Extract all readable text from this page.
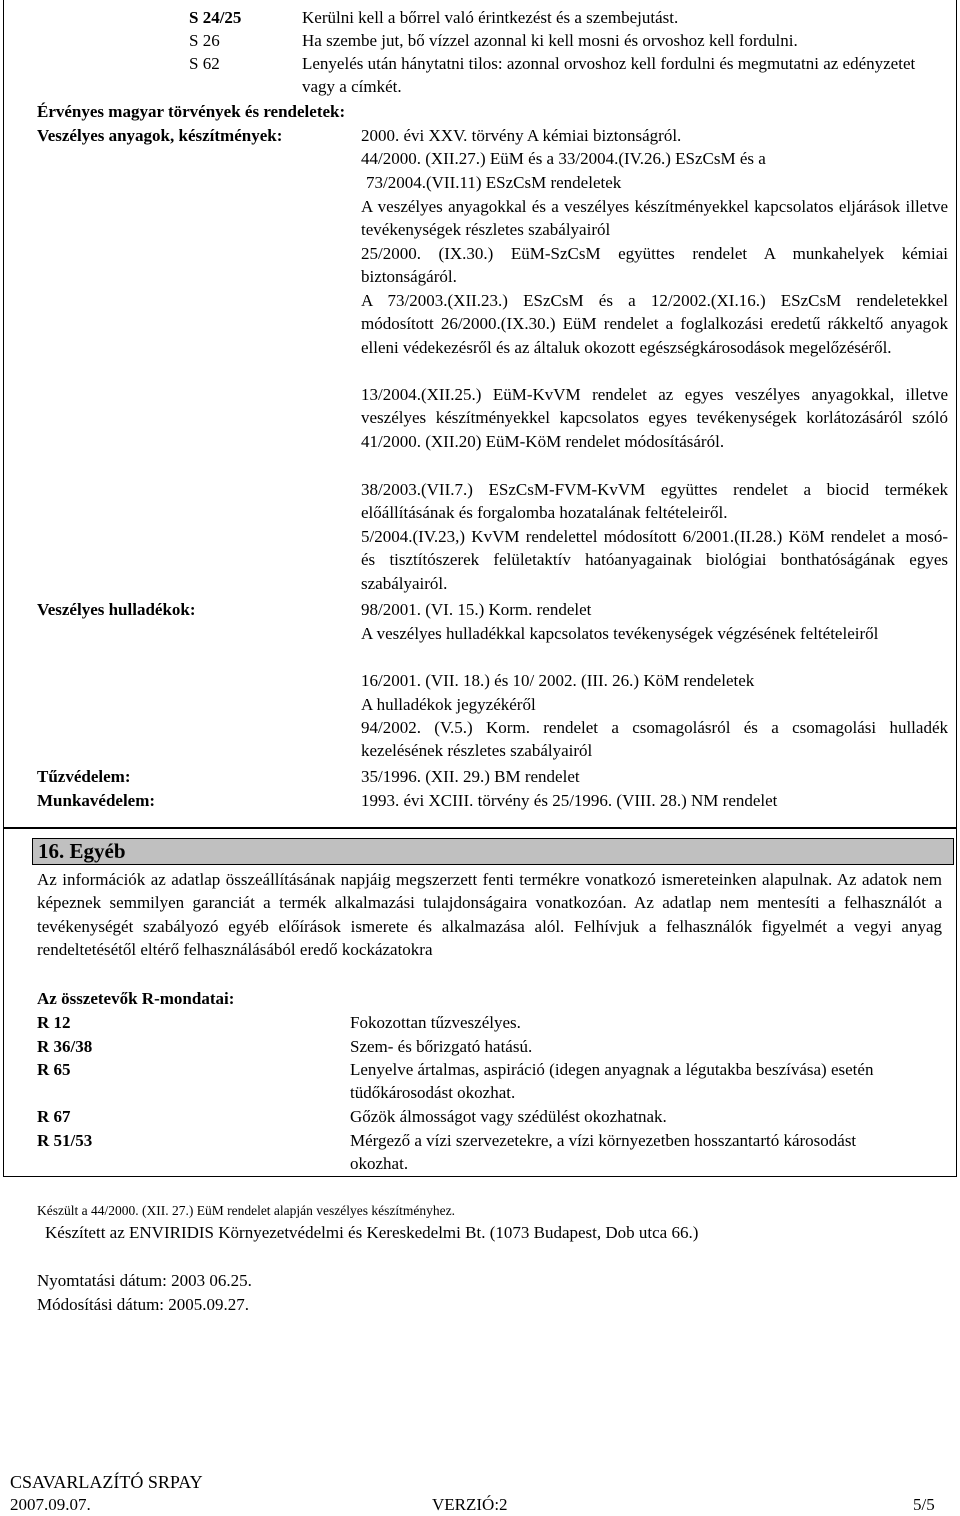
S 24/25	Kerülni kell a bőrrel való érintkezést és a szembejutást.
S 26	Ha szembe jut, bő vízzel azonnal ki kell mosni és orvoshoz kell fordulni.
S 62	Lenyelés után hánytatni tilos: azonnal orvoshoz kell fordulni és megmutatni az edényzetet vagy a címkét.
Érvényes magyar törvények és rendeletek:
Veszélyes anyagok, készítmények:	2000. évi XXV. törvény A kémiai biztonságról.
44/2000. (XII.27.) EüM és a 33/2004.(IV.26.) ESzCsM és a
73/2004.(VII.11) ESzCsM rendeletek
A veszélyes anyagokkal és a veszélyes készítményekkel kapcsolatos eljárások illetve tevékenységek részletes szabályairól
25/2000. (IX.30.) EüM-SzCsM együttes rendelet A munkahelyek kémiai biztonságáról.
A 73/2003.(XII.23.) ESzCsM és a 12/2002.(XI.16.) ESzCsM rendeletekkel módosított 26/2000.(IX.30.) EüM rendelet a foglalkozási eredetű rákkeltő anyagok elleni védekezésről és az általuk okozott egészségkárosodások megelőzéséről.
13/2004.(XII.25.) EüM-KvVM rendelet az egyes veszélyes anyagokkal, illetve veszélyes készítményekkel kapcsolatos egyes tevékenységek korlátozásáról szóló 41/2000. (XII.20) EüM-KöM rendelet módosításáról.
38/2003.(VII.7.) ESzCsM-FVM-KvVM együttes rendelet a biocid termékek előállításának és forgalomba hozatalának feltételeiről.
5/2004.(IV.23,) KvVM rendelettel módosított 6/2001.(II.28.) KöM rendelet a mosó- és tisztítószerek felületaktív hatóanyagainak biológiai bonthatóságának egyes szabályairól.
Veszélyes hulladékok:	98/2001. (VI. 15.) Korm. rendelet
A veszélyes hulladékkal kapcsolatos tevékenységek végzésének feltételeiről
16/2001. (VII. 18.) és 10/ 2002. (III. 26.) KöM rendeletek
A hulladékok jegyzékéről
94/2002. (V.5.) Korm. rendelet a csomagolásról és a csomagolási hulladék kezelésének részletes szabályairól
Tűzvédelem:	35/1996. (XII. 29.) BM rendelet
Munkavédelem:	1993. évi XCIII. törvény és 25/1996. (VIII. 28.) NM rendelet
16. Egyéb
Az információk az adatlap összeállításának napjáig megszerzett fenti termékre vonatkozó ismereteinken alapulnak. Az adatok nem képeznek semmilyen garanciát a termék alkalmazási tulajdonságaira vonatkozóan. Az adatlap nem mentesíti a felhasználót a tevékenységét szabályozó egyéb előírások ismerete és alkalmazása alól. Felhívjuk a felhasználók figyelmét a vegyi anyag rendeltetésétől eltérő felhasználásából eredő kockázatokra
Az összetevők R-mondatai:
R 12	Fokozottan tűzveszélyes.
R 36/38	Szem- és bőrizgató hatású.
R 65	Lenyelve ártalmas, aspiráció (idegen anyagnak a légutakba beszívása) esetén tüdőkárosodást okozhat.
R 67	Gőzök álmosságot vagy szédülést okozhatnak.
R 51/53	Mérgező a vízi szervezetekre, a vízi környezetben hosszantartó károsodást okozhat.
Készült a 44/2000. (XII. 27.) EüM rendelet alapján veszélyes készítményhez.
Készített az ENVIRIDIS Környezetvédelmi és Kereskedelmi Bt. (1073 Budapest, Dob utca 66.)
Nyomtatási dátum: 2003 06.25.
Módosítási dátum: 2005.09.27.
CSAVARLAZÍTÓ SRPAY
2007.09.07.	VERZIÓ:2	5/5
